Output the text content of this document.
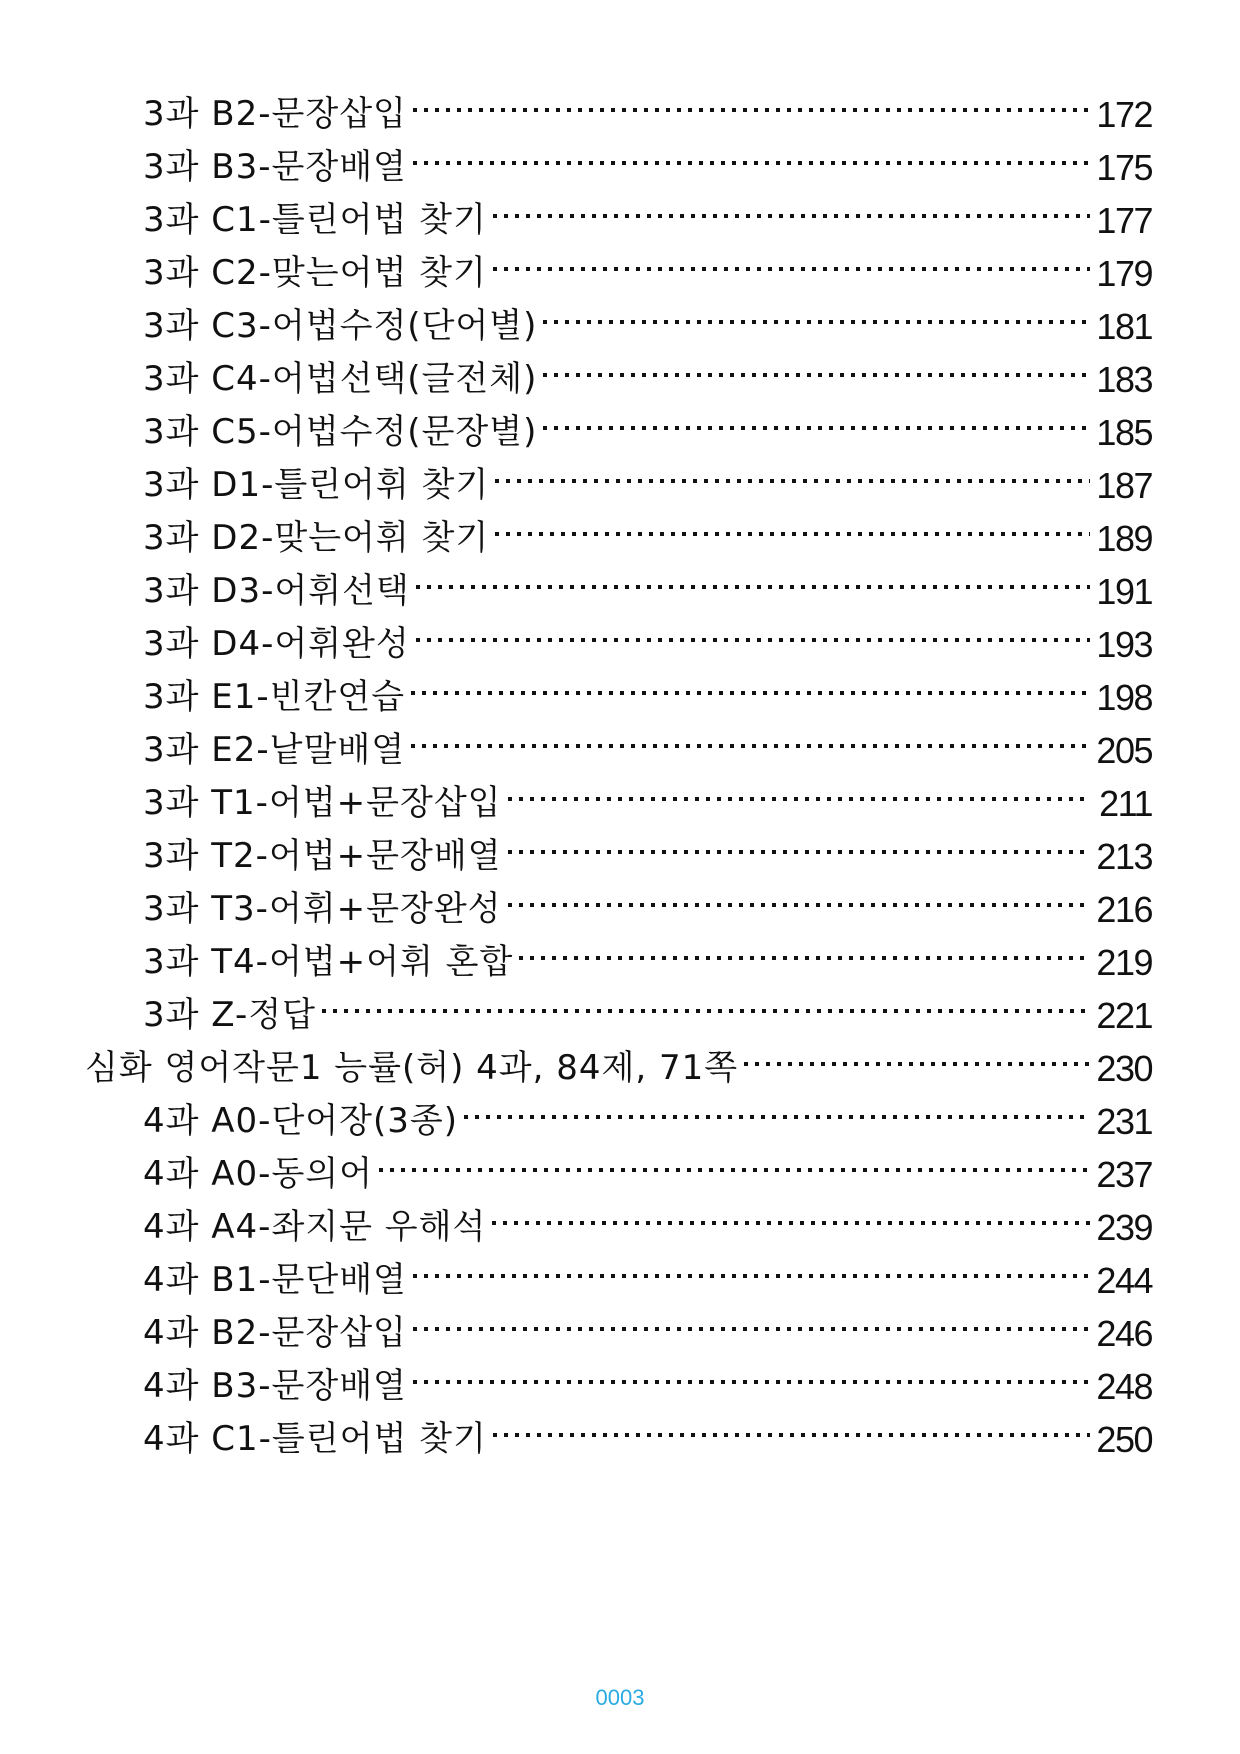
3과 B2-문장삽입	172
3과 B3-문장배열	175
3과 C1-틀린어법 찾기	177
3과 C2-맞는어법 찾기	179
3과 C3-어법수정(단어별)	181
3과 C4-어법선택(글전체)	183
3과 C5-어법수정(문장별)	185
3과 D1-틀린어휘 찾기	187
3과 D2-맞는어휘 찾기	189
3과 D3-어휘선택	191
3과 D4-어휘완성	193
3과 E1-빈칸연습	198
3과 E2-낱말배열	205
3과 T1-어법+문장삽입	211
3과 T2-어법+문장배열	213
3과 T3-어휘+문장완성	216
3과 T4-어법+어휘 혼합	219
3과 Z-정답	221
심화 영어작문1 능률(허) 4과, 84제, 71쪽	230
4과 A0-단어장(3종)	231
4과 A0-동의어	237
4과 A4-좌지문 우해석	239
4과 B1-문단배열	244
4과 B2-문장삽입	246
4과 B3-문장배열	248
4과 C1-틀린어법 찾기	250
0003
